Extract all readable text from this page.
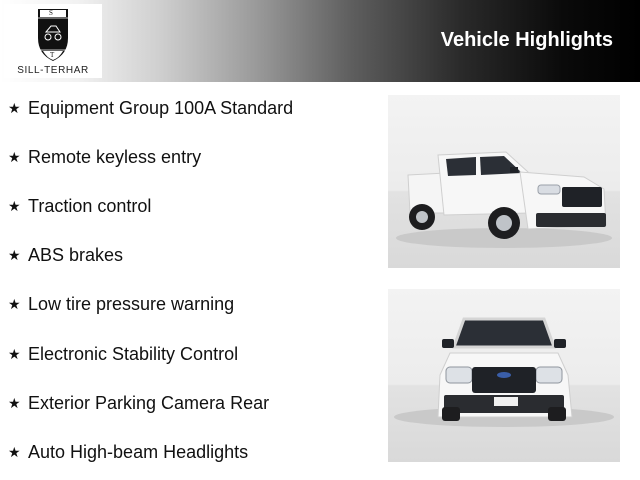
S
T
SILL-TERHAR
Vehicle Highlights
★ Equipment Group 100A Standard
★ Remote keyless entry
★ Traction control
★ ABS brakes
★ Low tire pressure warning
★ Electronic Stability Control
★ Exterior Parking Camera Rear
★ Auto High-beam Headlights
